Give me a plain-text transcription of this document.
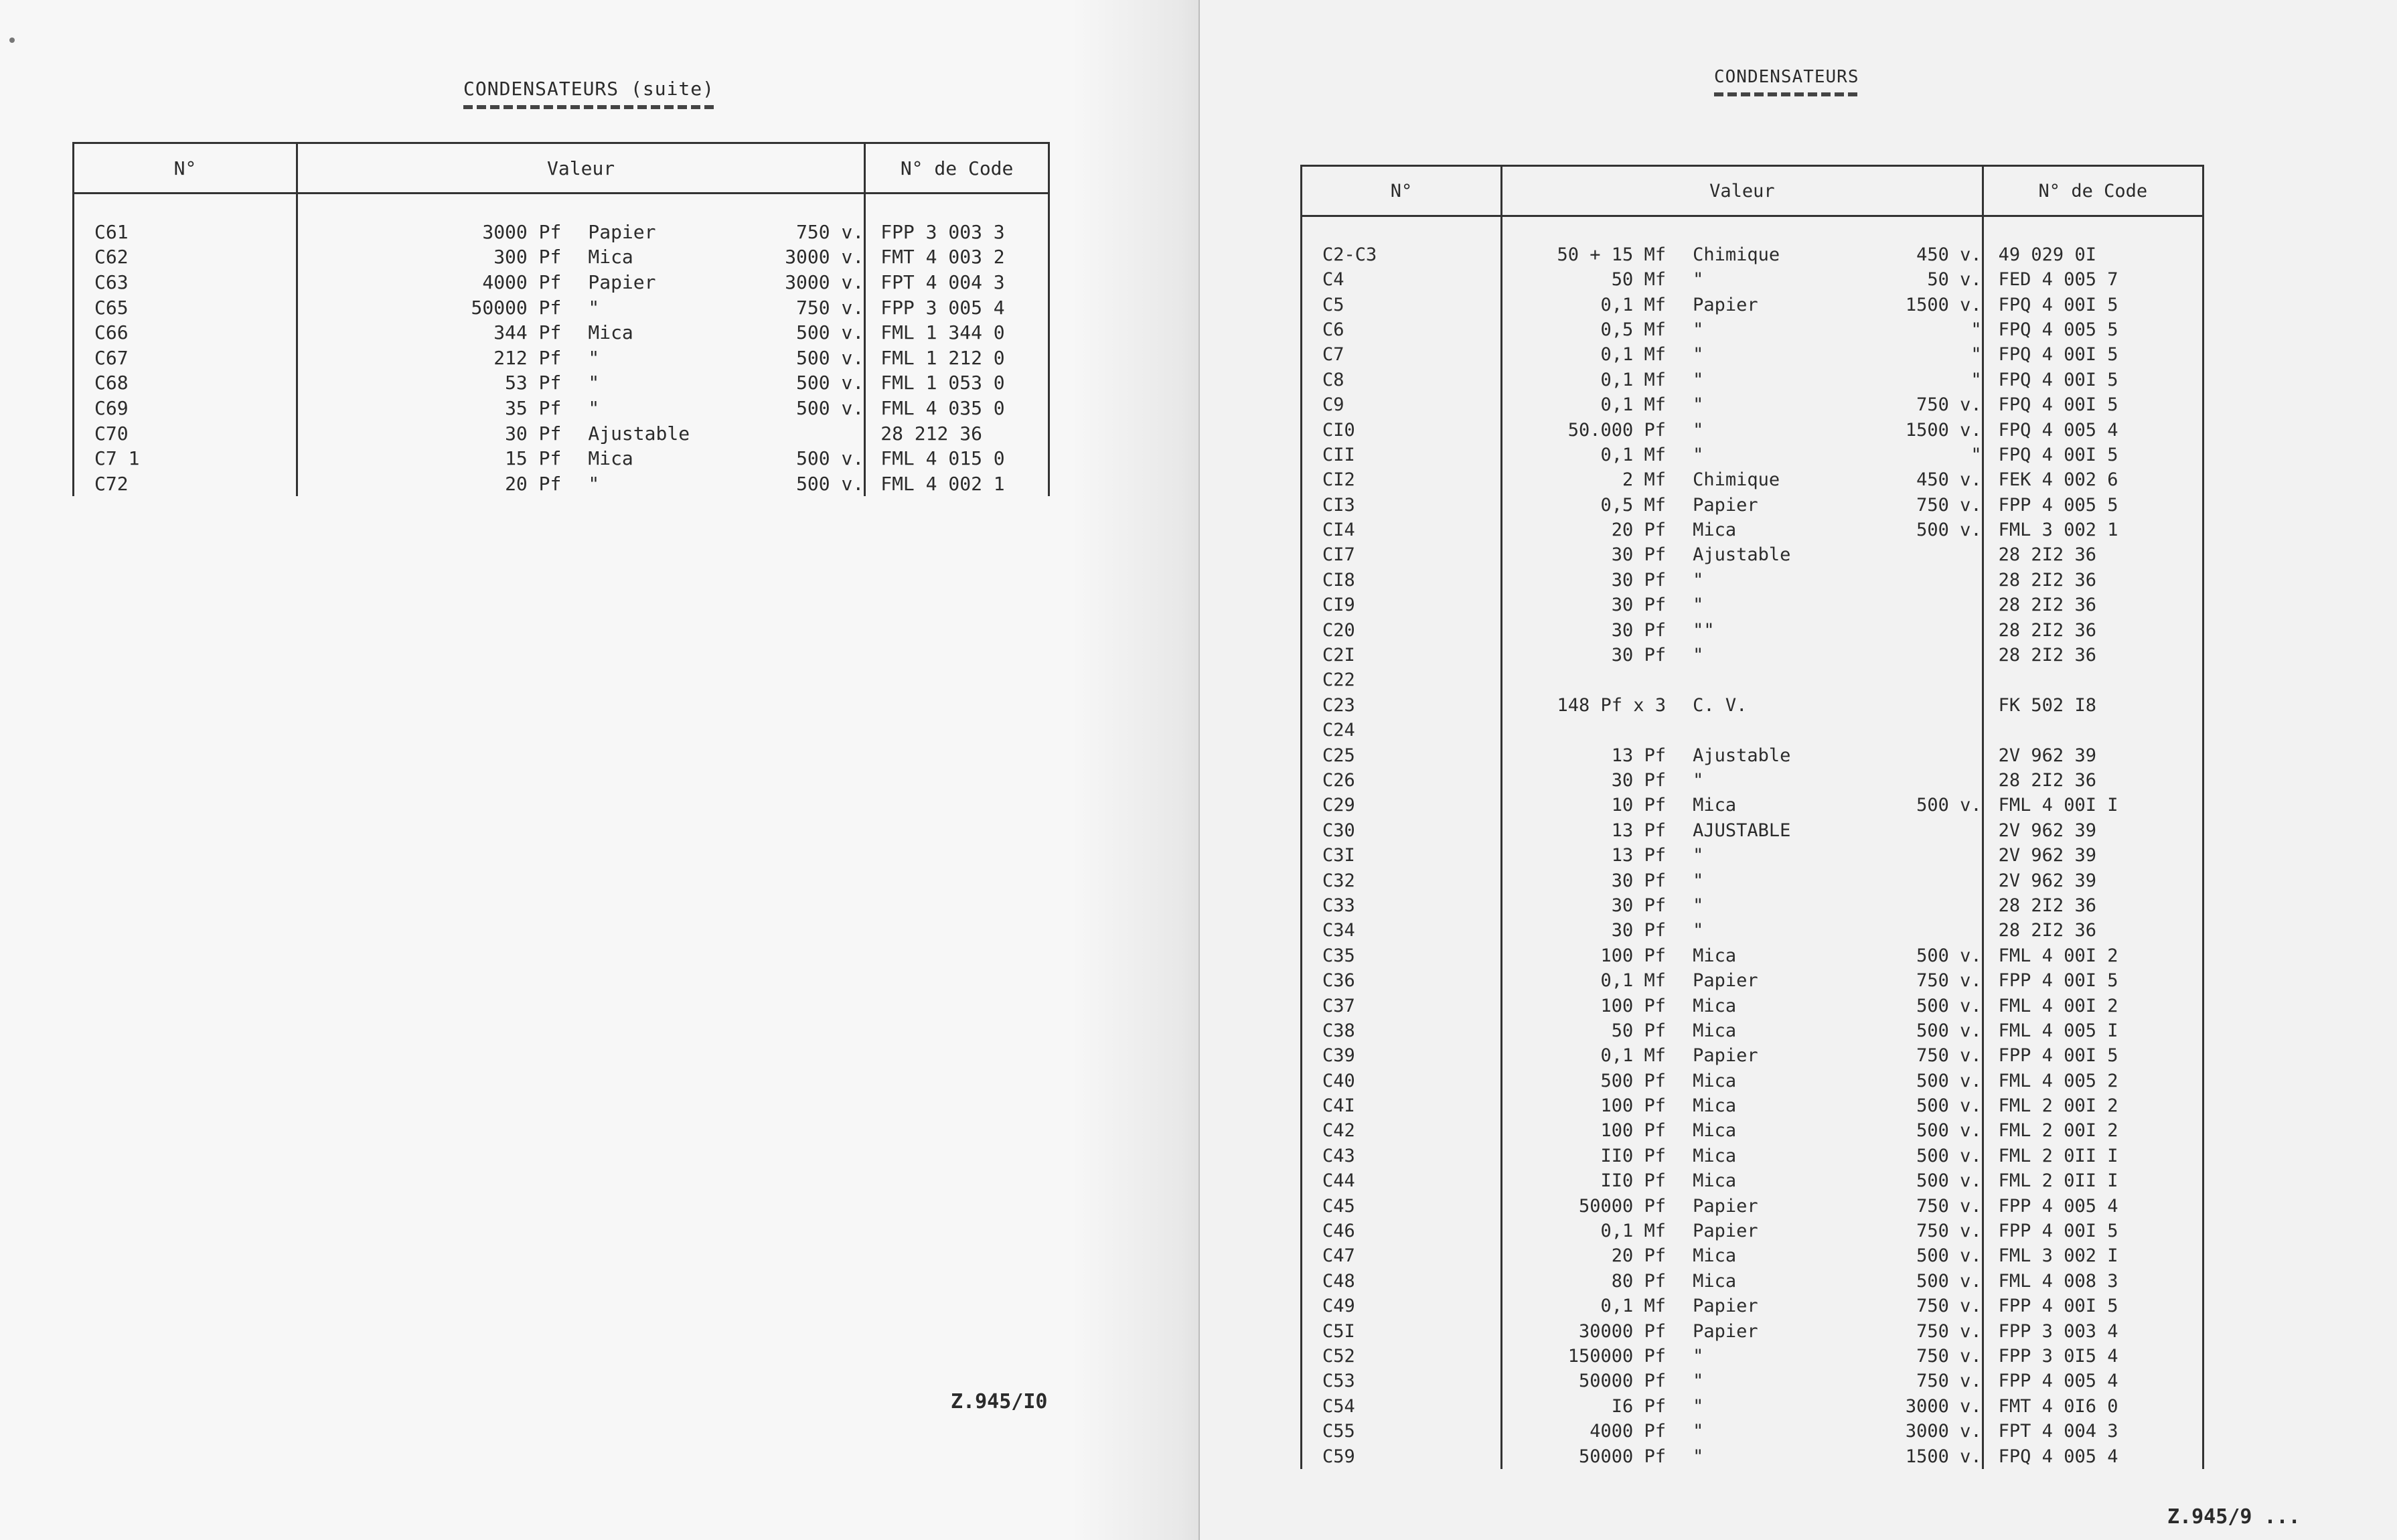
CONDENSATEURS (suite)
N°	Valeur			N° de Code

C61	3000 Pf	Papier	750 v.	FPP 3 003 3
C62	300 Pf	Mica	3000 v.	FMT 4 003 2
C63	4000 Pf	Papier	3000 v.	FPT 4 004 3
C65	50000 Pf	"	750 v.	FPP 3 005 4
C66	344 Pf	Mica	500 v.	FML 1 344 0
C67	212 Pf	"	500 v.	FML 1 212 0
C68	53 Pf	"	500 v.	FML 1 053 0
C69	35 Pf	"	500 v.	FML 4 035 0
C70	30 Pf	Ajustable		28 212 36
C7 1	15 Pf	Mica	500 v.	FML 4 015 0
C72	20 Pf	"	500 v.	FML 4 002 1
Z.945/I0
CONDENSATEURS
N°	Valeur			N° de Code

C2-C3	50 + 15 Mf	Chimique	450 v.	49 029 0I
C4	50 Mf	"	50 v.	FED 4 005 7
C5	0,1 Mf	Papier	1500 v.	FPQ 4 00I 5
C6	0,5 Mf	"	"	FPQ 4 005 5
C7	0,1 Mf	"	"	FPQ 4 00I 5
C8	0,1 Mf	"	"	FPQ 4 00I 5
C9	0,1 Mf	"	750 v.	FPQ 4 00I 5
CI0	50.000 Pf	"	1500 v.	FPQ 4 005 4
CII	0,1 Mf	"	"	FPQ 4 00I 5
CI2	2 Mf	Chimique	450 v.	FEK 4 002 6
CI3	0,5 Mf	Papier	750 v.	FPP 4 005 5
CI4	20 Pf	Mica	500 v.	FML 3 002 1
CI7	30 Pf	Ajustable		28 2I2 36
CI8	30 Pf	"		28 2I2 36
CI9	30 Pf	"		28 2I2 36
C20	30 Pf	""		28 2I2 36
C2I	30 Pf	"		28 2I2 36
C22				
C23	148 Pf x 3	C. V.		FK 502 I8
C24				
C25	13 Pf	Ajustable		2V 962 39
C26	30 Pf	"		28 2I2 36
C29	10 Pf	Mica	500 v.	FML 4 00I I
C30	13 Pf	AJUSTABLE		2V 962 39
C3I	13 Pf	"		2V 962 39
C32	30 Pf	"		2V 962 39
C33	30 Pf	"		28 2I2 36
C34	30 Pf	"		28 2I2 36
C35	100 Pf	Mica	500 v.	FML 4 00I 2
C36	0,1 Mf	Papier	750 v.	FPP 4 00I 5
C37	100 Pf	Mica	500 v.	FML 4 00I 2
C38	50 Pf	Mica	500 v.	FML 4 005 I
C39	0,1 Mf	Papier	750 v.	FPP 4 00I 5
C40	500 Pf	Mica	500 v.	FML 4 005 2
C4I	100 Pf	Mica	500 v.	FML 2 00I 2
C42	100 Pf	Mica	500 v.	FML 2 00I 2
C43	II0 Pf	Mica	500 v.	FML 2 0II I
C44	II0 Pf	Mica	500 v.	FML 2 0II I
C45	50000 Pf	Papier	750 v.	FPP 4 005 4
C46	0,1 Mf	Papier	750 v.	FPP 4 00I 5
C47	20 Pf	Mica	500 v.	FML 3 002 I
C48	80 Pf	Mica	500 v.	FML 4 008 3
C49	0,1 Mf	Papier	750 v.	FPP 4 00I 5
C5I	30000 Pf	Papier	750 v.	FPP 3 003 4
C52	150000 Pf	"	750 v.	FPP 3 0I5 4
C53	50000 Pf	"	750 v.	FPP 4 005 4
C54	I6 Pf	"	3000 v.	FMT 4 0I6 0
C55	4000 Pf	"	3000 v.	FPT 4 004 3
C59	50000 Pf	"	1500 v.	FPQ 4 005 4
Z.945/9 ...
